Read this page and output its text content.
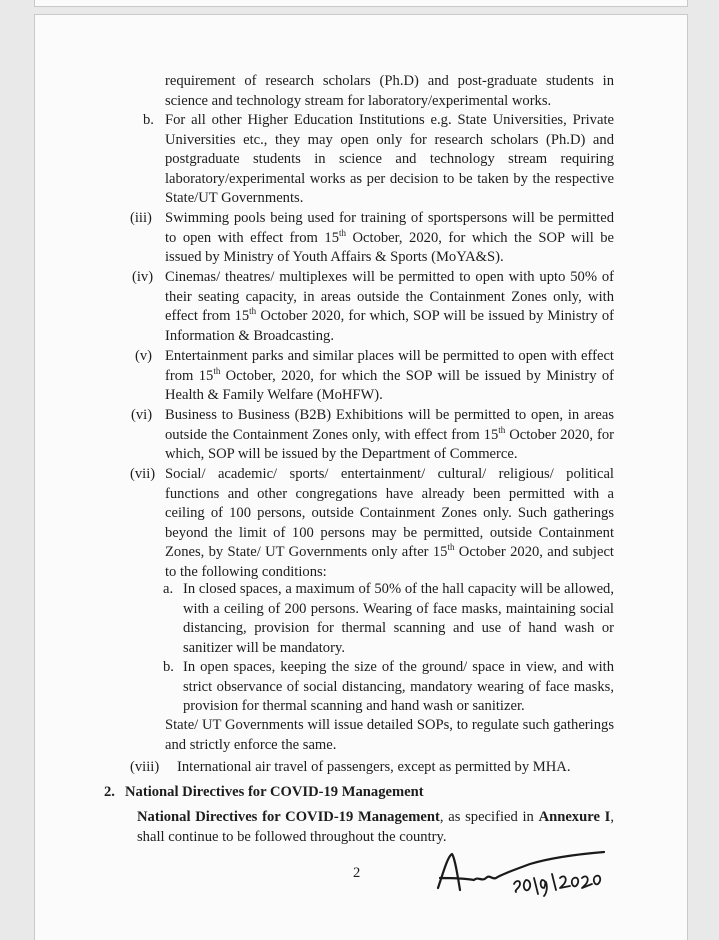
requirement of research scholars (Ph.D) and post-graduate students in science and technology stream for laboratory/experimental works.

b. For all other Higher Education Institutions e.g. State Universities, Private Universities etc., they may open only for research scholars (Ph.D) and postgraduate students in science and technology stream requiring laboratory/experimental works as per decision to be taken by the respective State/UT Governments.

(iii) Swimming pools being used for training of sportspersons will be permitted to open with effect from 15th October, 2020, for which the SOP will be issued by Ministry of Youth Affairs & Sports (MoYA&S).

(iv) Cinemas/ theatres/ multiplexes will be permitted to open with upto 50% of their seating capacity, in areas outside the Containment Zones only, with effect from 15th October 2020, for which, SOP will be issued by Ministry of Information & Broadcasting.

(v) Entertainment parks and similar places will be permitted to open with effect from 15th October, 2020, for which the SOP will be issued by Ministry of Health & Family Welfare (MoHFW).

(vi) Business to Business (B2B) Exhibitions will be permitted to open, in areas outside the Containment Zones only, with effect from 15th October 2020, for which, SOP will be issued by the Department of Commerce.

(vii) Social/ academic/ sports/ entertainment/ cultural/ religious/ political functions and other congregations have already been permitted with a ceiling of 100 persons, outside Containment Zones only. Such gatherings beyond the limit of 100 persons may be permitted, outside Containment Zones, by State/ UT Governments only after 15th October 2020, and subject to the following conditions:

a. In closed spaces, a maximum of 50% of the hall capacity will be allowed, with a ceiling of 200 persons. Wearing of face masks, maintaining social distancing, provision for thermal scanning and use of hand wash or sanitizer will be mandatory.

b. In open spaces, keeping the size of the ground/ space in view, and with strict observance of social distancing, mandatory wearing of face masks, provision for thermal scanning and hand wash or sanitizer.

State/ UT Governments will issue detailed SOPs, to regulate such gatherings and strictly enforce the same.

(viii) International air travel of passengers, except as permitted by MHA.

2. National Directives for COVID-19 Management

National Directives for COVID-19 Management, as specified in Annexure I, shall continue to be followed throughout the country.

2
